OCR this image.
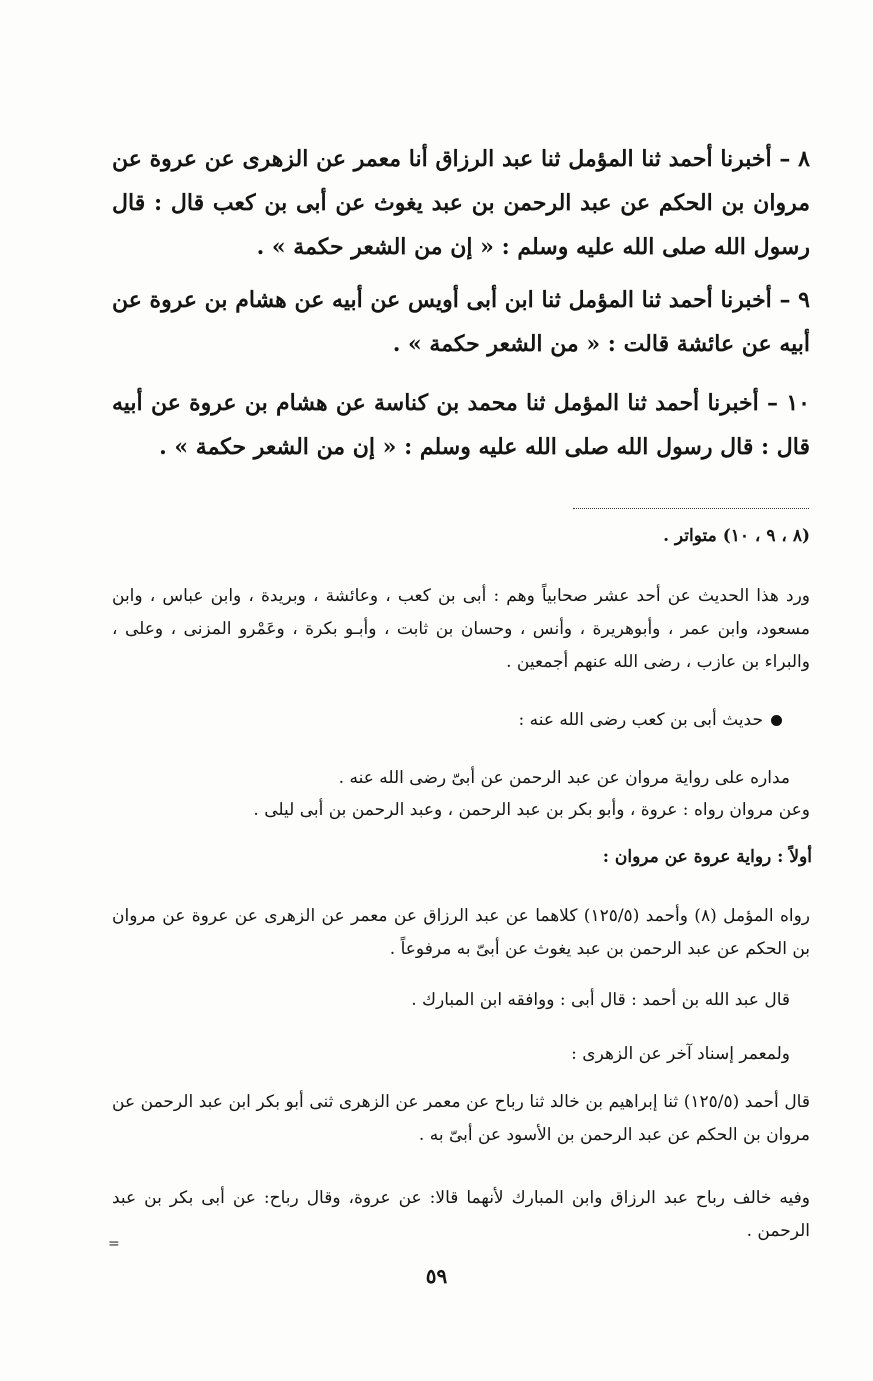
٨ – أخبرنا أحمد ثنا المؤمل ثنا عبد الرزاق أنا معمر عن الزهرى عن عروة عن مروان بن الحكم عن عبد الرحمن بن عبد يغوث عن أبى بن كعب قال : قال رسول الله صلى الله عليه وسلم : « إن من الشعر حكمة » .
٩ – أخبرنا أحمد ثنا المؤمل ثنا ابن أبى أويس عن أبيه عن هشام بن عروة عن أبيه عن عائشة قالت : « من الشعر حكمة » .
١٠ – أخبرنا أحمد ثنا المؤمل ثنا محمد بن كناسة عن هشام بن عروة عن أبيه قال : قال رسول الله صلى الله عليه وسلم : « إن من الشعر حكمة » .
(٨ ، ٩ ، ١٠) متواتر .
ورد هذا الحديث عن أحد عشر صحابياً وهم : أبى بن كعب ، وعائشة ، وبريدة ، وابن عباس ، وابن مسعود، وابن عمر ، وأبوهريرة ، وأنس ، وحسان بن ثابت ، وأبـو بكرة ، وعَمْرو المزنى ، وعلى ، والبراء بن عازب ، رضى الله عنهم أجمعين .
حديث أبى بن كعب رضى الله عنه :
مداره على رواية مروان عن عبد الرحمن عن أبىّ رضى الله عنه .
وعن مروان رواه : عروة ، وأبو بكر بن عبد الرحمن ، وعبد الرحمن بن أبى ليلى .
أولاً : رواية عروة عن مروان :
رواه المؤمل (٨) وأحمد (١٢٥/٥) كلاهما عن عبد الرزاق عن معمر عن الزهرى عن عروة عن مروان بن الحكم عن عبد الرحمن بن عبد يغوث عن أبىّ به مرفوعاً .
قال عبد الله بن أحمد : قال أبى : ووافقه ابن المبارك .
ولمعمر إسناد آخر عن الزهرى :
قال أحمد (١٢٥/٥) ثنا إبراهيم بن خالد ثنا رباح عن معمر عن الزهرى ثنى أبو بكر ابن عبد الرحمن عن مروان بن الحكم عن عبد الرحمن بن الأسود عن أبىّ به .
وفيه خالف رباح عبد الرزاق وابن المبارك لأنهما قالا: عن عروة، وقال رباح: عن أبى بكر بن عبد الرحمن .
=
٥٩
